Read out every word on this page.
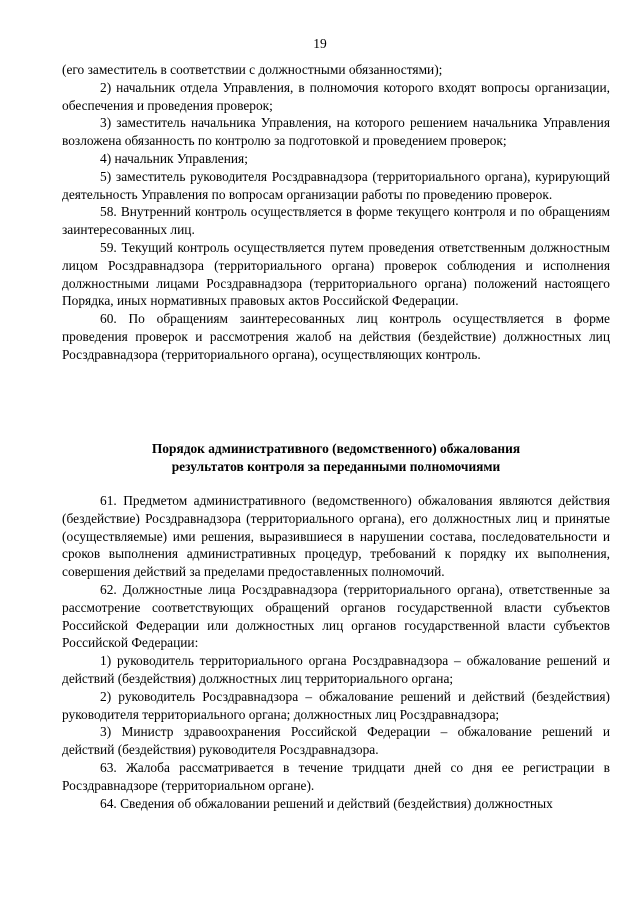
19

(его заместитель в соответствии с должностными обязанностями);

2) начальник отдела Управления, в полномочия которого входят вопросы организации, обеспечения и проведения проверок;

3) заместитель начальника Управления, на которого решением начальника Управления возложена обязанность по контролю за подготовкой и проведением проверок;

4) начальник Управления;

5) заместитель руководителя Росздравнадзора (территориального органа), курирующий деятельность Управления по вопросам организации работы по проведению проверок.

58. Внутренний контроль осуществляется в форме текущего контроля и по обращениям заинтересованных лиц.

59. Текущий контроль осуществляется путем проведения ответственным должностным лицом Росздравнадзора (территориального органа) проверок соблюдения и исполнения должностными лицами Росздравнадзора (территориального органа) положений настоящего Порядка, иных нормативных правовых актов Российской Федерации.

60. По обращениям заинтересованных лиц контроль осуществляется в форме проведения проверок и рассмотрения жалоб на действия (бездействие) должностных лиц Росздравнадзора (территориального органа), осуществляющих контроль.

Порядок административного (ведомственного) обжалования
результатов контроля за переданными полномочиями

61. Предметом административного (ведомственного) обжалования являются действия (бездействие) Росздравнадзора (территориального органа), его должностных лиц и принятые (осуществляемые) ими решения, выразившиеся в нарушении состава, последовательности и сроков выполнения административных процедур, требований к порядку их выполнения, совершения действий за пределами предоставленных полномочий.

62. Должностные лица Росздравнадзора (территориального органа), ответственные за рассмотрение соответствующих обращений органов государственной власти субъектов Российской Федерации или должностных лиц органов государственной власти субъектов Российской Федерации:

1) руководитель территориального органа Росздравнадзора – обжалование решений и действий (бездействия) должностных лиц территориального органа;

2) руководитель Росздравнадзора – обжалование решений и действий (бездействия) руководителя территориального органа; должностных лиц Росздравнадзора;

3) Министр здравоохранения Российской Федерации – обжалование решений и действий (бездействия) руководителя Росздравнадзора.

63. Жалоба рассматривается в течение тридцати дней со дня ее регистрации в Росздравнадзоре (территориальном органе).

64. Сведения об обжаловании решений и действий (бездействия) должностных
